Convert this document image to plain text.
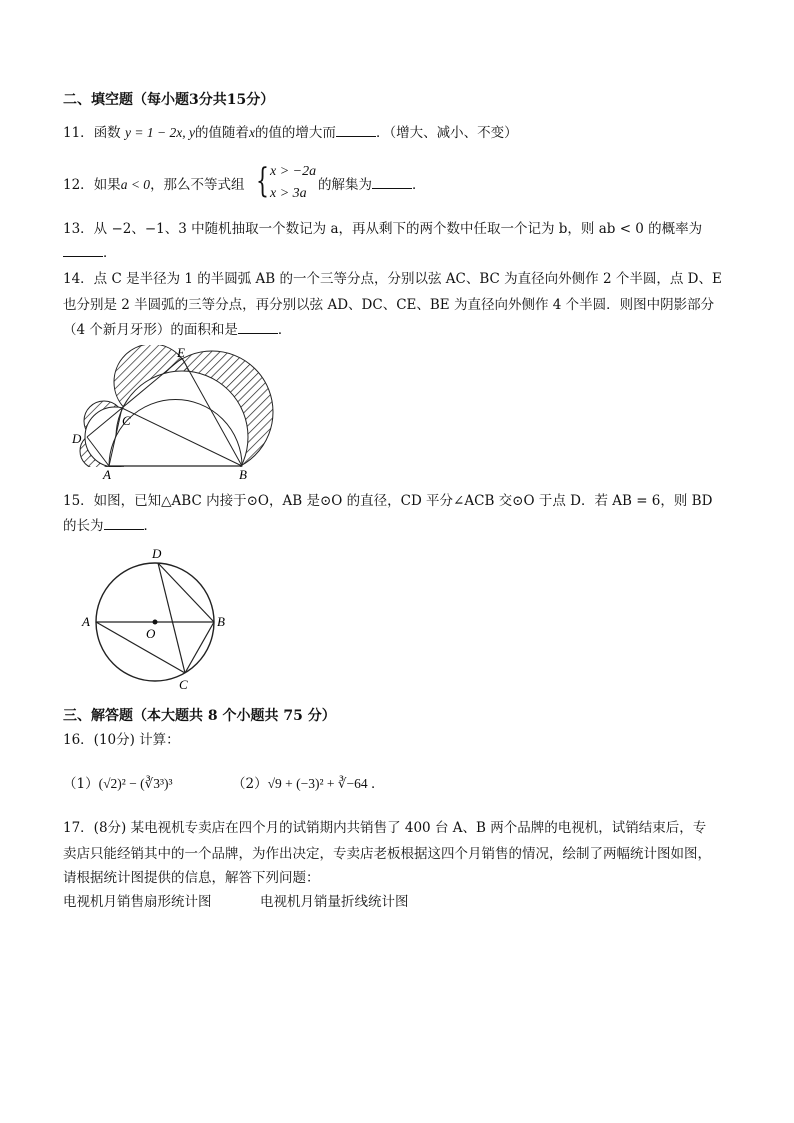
二、填空题（每小题3分共15分）
11．函数 y = 1 − 2x, y的值随着x的值的增大而	．（增大、减小、不变）
12．如果a < 0，那么不等式组 { x > −2a
x > 3a
的解集为	．
13．从 −2、−1、3 中随机抽取一个数记为 a，再从剩下的两个数中任取一个记为 b，则 ab < 0 的概率为
．
14．点 C 是半径为 1 的半圆弧 AB 的一个三等分点，分别以弦 AC、BC 为直径向外侧作 2 个半圆，点 D、E
也分别是 2 半圆弧的三等分点，再分别以弦 AD、DC、CE、BE 为直径向外侧作 4 个半圆．则图中阴影部分
（4 个新月牙形）的面积和是	．
A	B
C
D
E
15．如图，已知△ABC 内接于⊙O，AB 是⊙O 的直径，CD 平分∠ACB 交⊙O 于点 D．若 AB = 6，则 BD
的长为	．
A	B
C
D
O
三、解答题（本大题共 8 个小题共 75 分）
16．(10分) 计算：
（1）(√2)² − (∛3³)³	（2）√9 + (−3)² + ∛−64 ．
17．(8分) 某电视机专卖店在四个月的试销期内共销售了 400 台 A、B 两个品牌的电视机，试销结束后，专
卖店只能经销其中的一个品牌，为作出决定，专卖店老板根据这四个月销售的情况，绘制了两幅统计图如图，
请根据统计图提供的信息，解答下列问题：
电视机月销售扇形统计图	电视机月销量折线统计图
